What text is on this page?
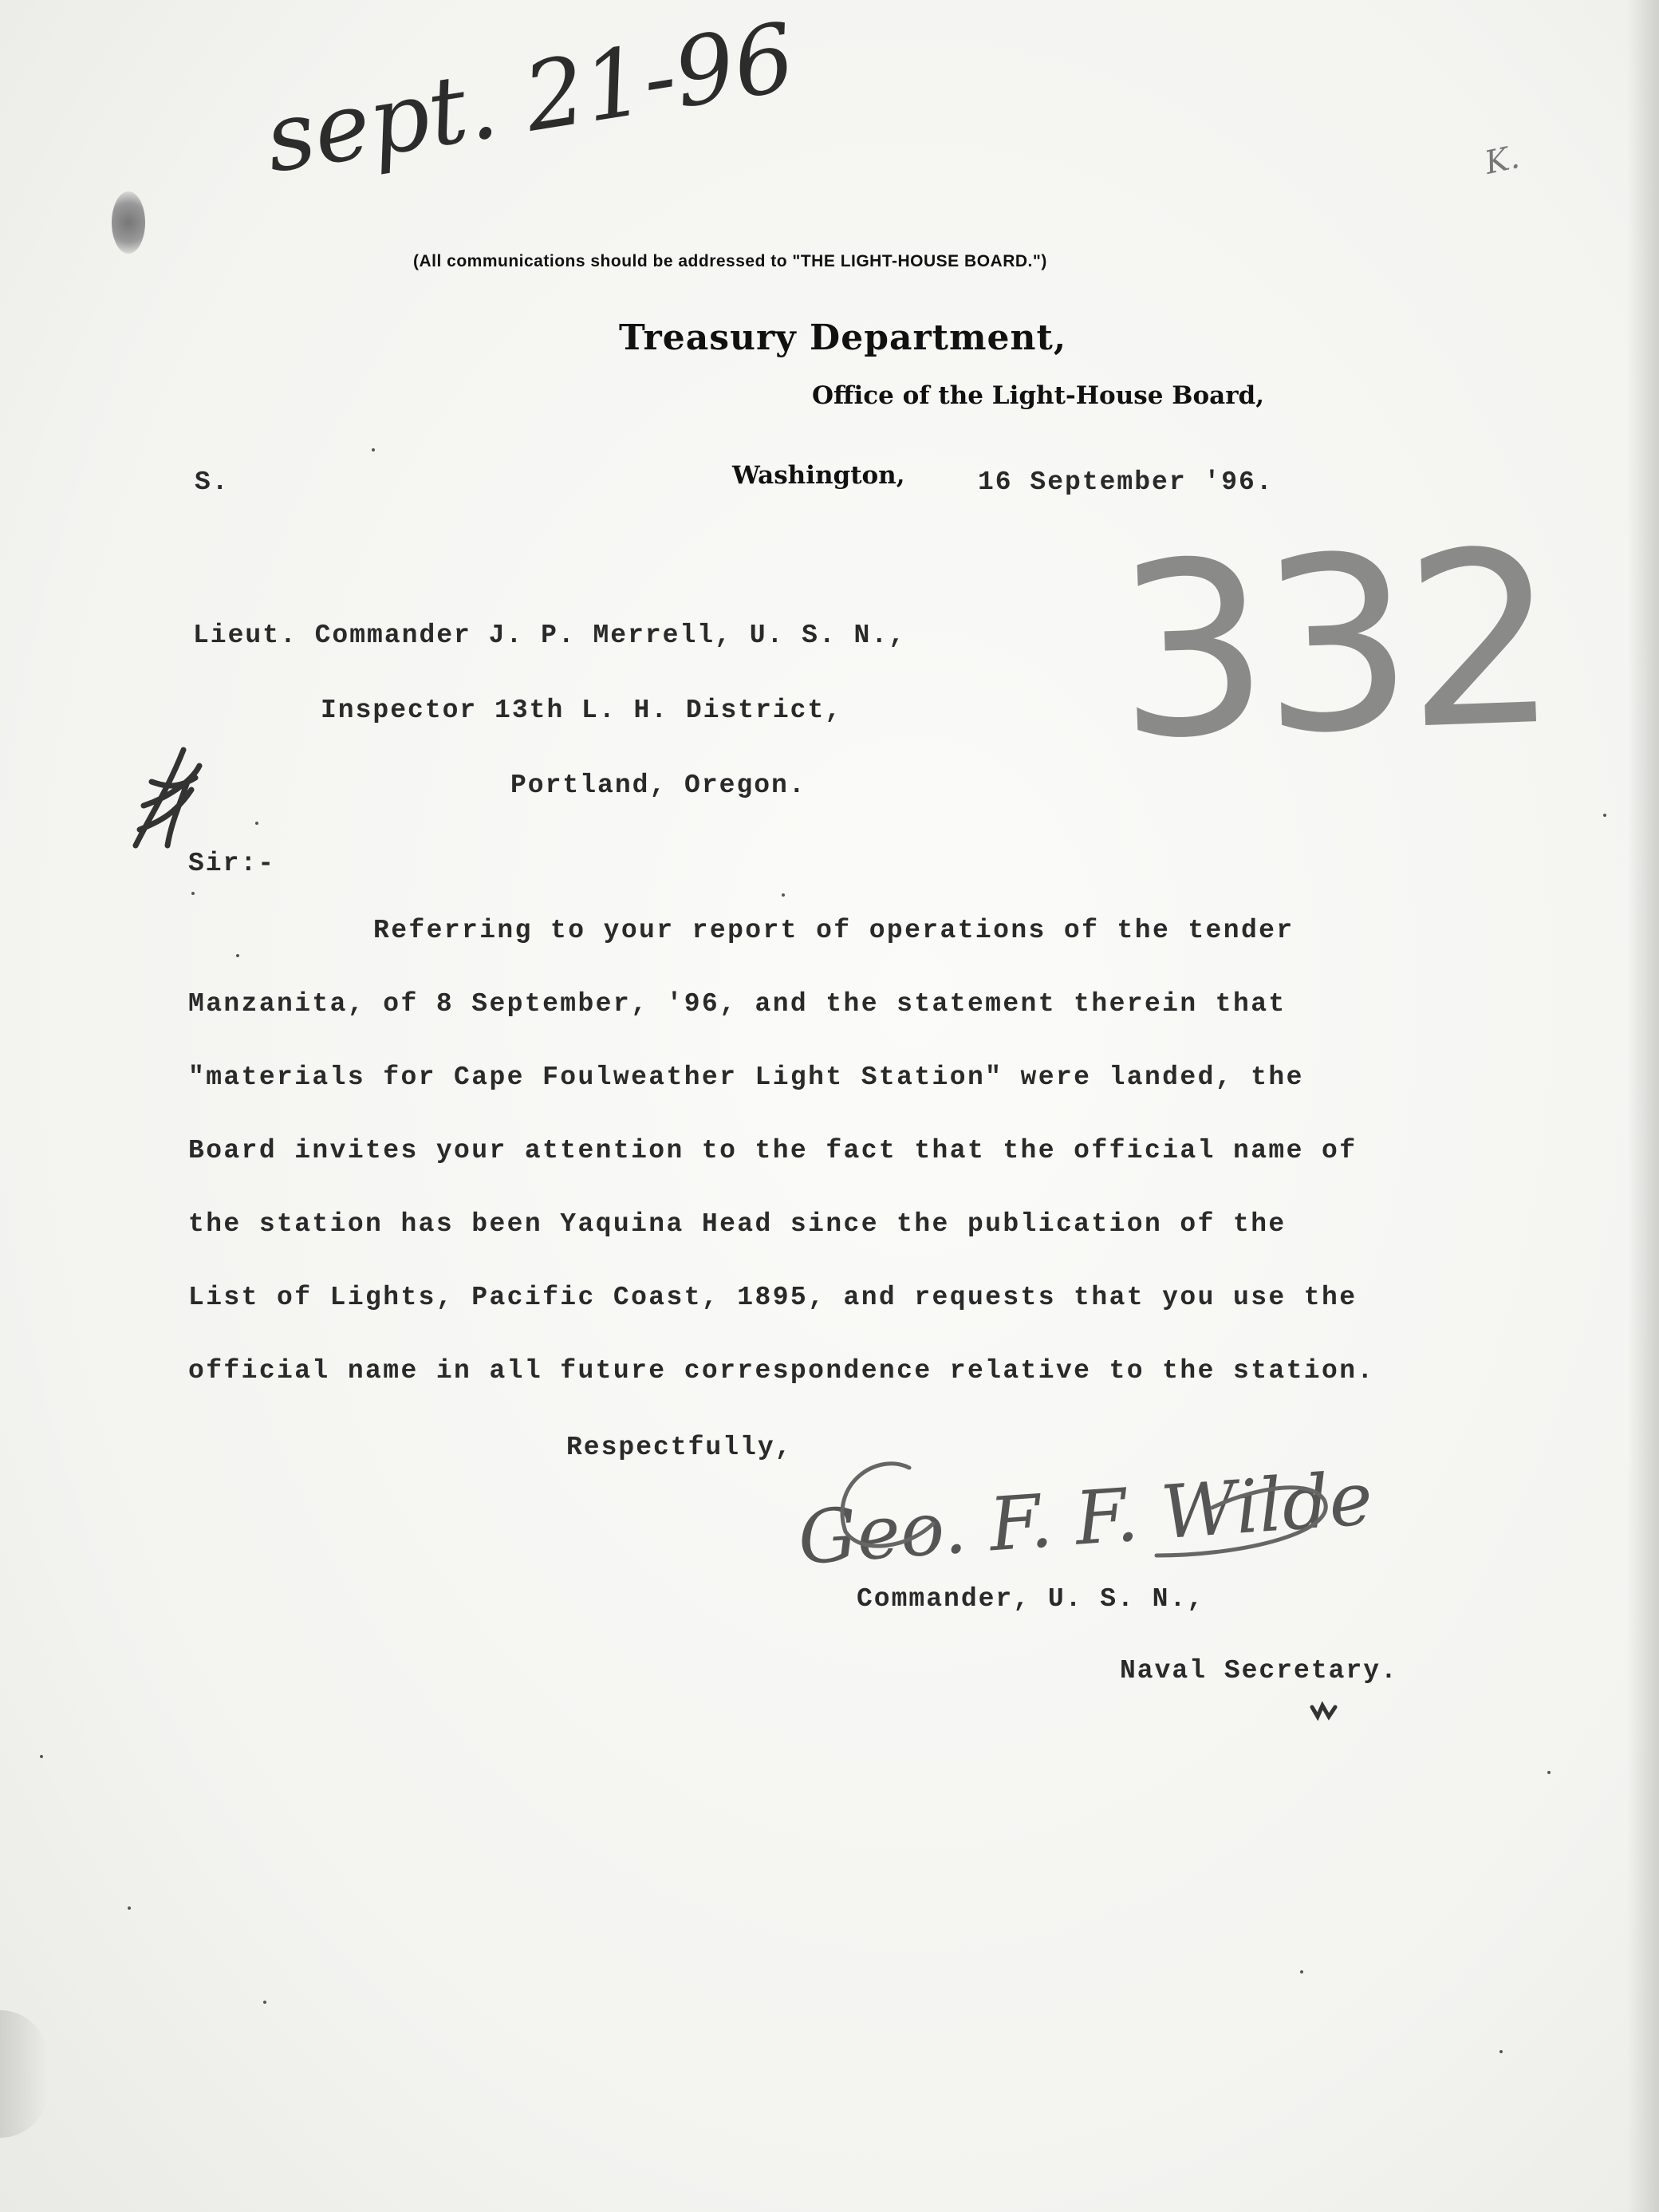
sept. 21-96	K.
(All communications should be addressed to "THE LIGHT-HOUSE BOARD.")
Treasury Department,
Office of the Light-House Board,
S.	Washington,	16 September '96.
332
Lieut. Commander J. P. Merrell, U. S. N.,
Inspector 13th L. H. District,
Portland, Oregon.
Sir:-
Referring to your report of operations of the tender
Manzanita, of 8 September, '96, and the statement therein that
"materials for Cape Foulweather Light Station" were landed, the
Board invites your attention to the fact that the official name of
the station has been Yaquina Head since the publication of the
List of Lights, Pacific Coast, 1895, and requests that you use the
official name in all future correspondence relative to the station.
Respectfully,
Geo. F. F. Wilde
Commander, U. S. N.,
Naval Secretary.
